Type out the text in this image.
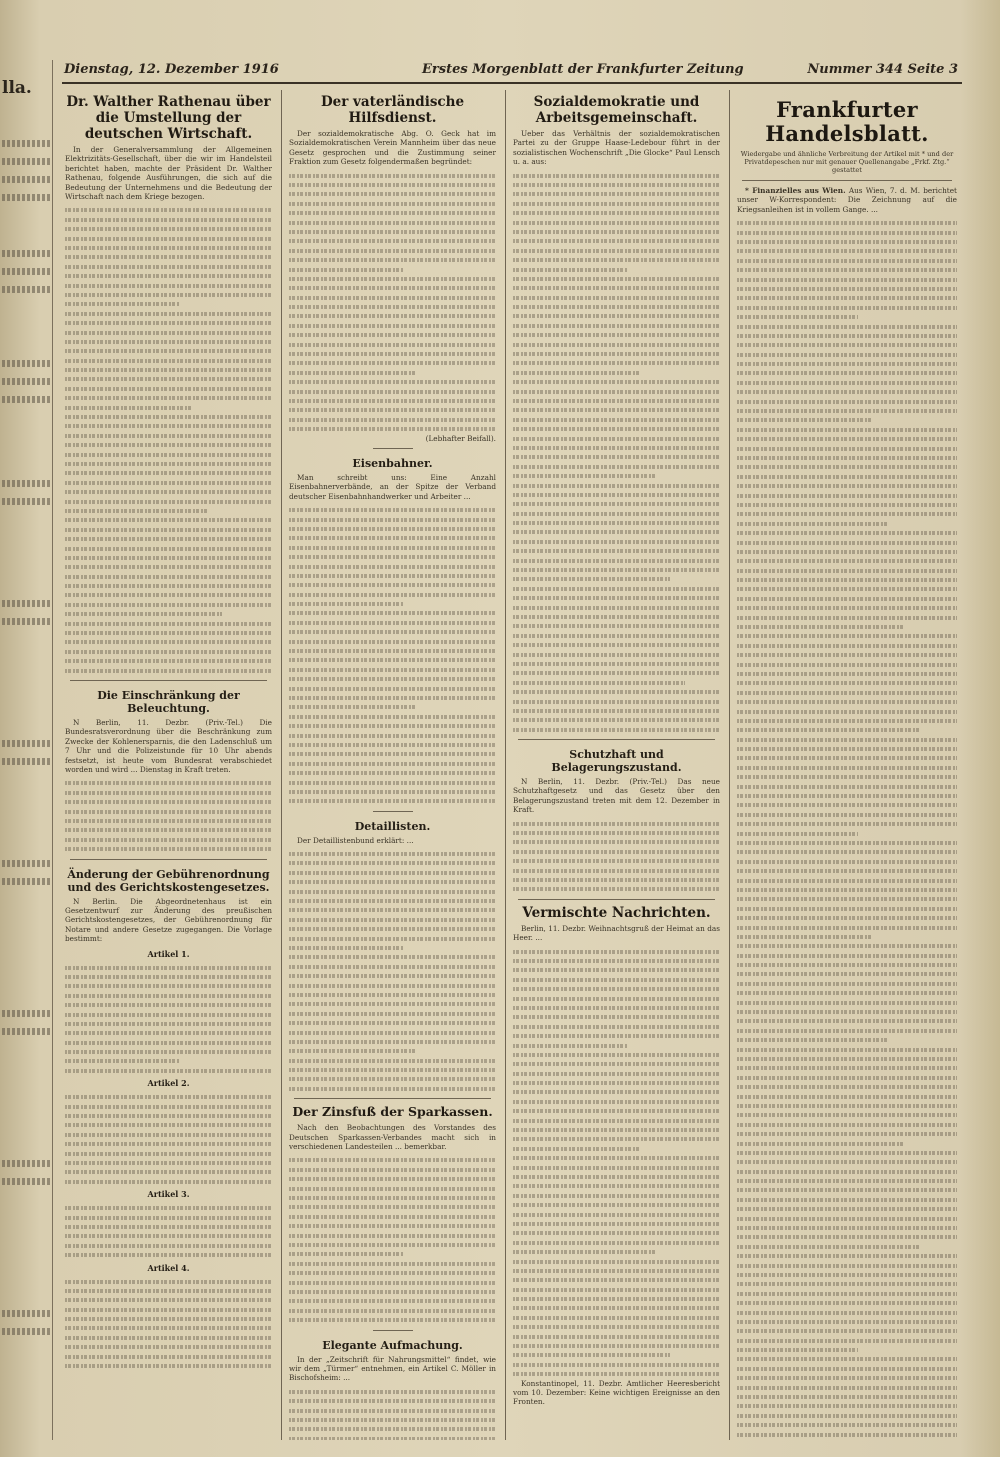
lla.
Dienstag, 12. Dezember 1916	Erstes Morgenblatt der Frankfurter Zeitung	Nummer 344 Seite 3
Dr. Walther Rathenau über die Umstellung der deutschen Wirtschaft.

In der Generalversammlung der Allgemeinen Elektrizitäts-Gesellschaft, über die wir im Handelsteil berichtet haben, machte der Präsident Dr. Walther Rathenau, folgende Ausführungen, die sich auf die Bedeutung der Unternehmens und die Bedeutung der Wirtschaft nach dem Kriege bezogen.

Die Einschränkung der Beleuchtung.

N Berlin, 11. Dezbr. (Priv.-Tel.) Die Bundesratsverordnung über die Beschränkung zum Zwecke der Kohlenersparnis, die den Ladenschluß um 7 Uhr und die Polizeistunde für 10 Uhr abends festsetzt, ist heute vom Bundesrat verabschiedet worden und wird ... Dienstag in Kraft treten.

Änderung der Gebührenordnung und des Gerichtskostengesetzes.

N Berlin. Die Abgeordnetenhaus ist ein Gesetzentwurf zur Änderung des preußischen Gerichtskostengesetzes, der Gebührenordnung für Notare und andere Gesetze zugegangen. Die Vorlage bestimmt:

Artikel 1.
Artikel 2.
Artikel 3.
Artikel 4.
Der vaterländische Hilfsdienst.

Der sozialdemokratische Abg. O. Geck hat im Sozialdemokratischen Verein Mannheim über das neue Gesetz gesprochen und die Zustimmung seiner Fraktion zum Gesetz folgendermaßen begründet:

(Lebhafter Beifall).
Eisenbahner.

Man schreibt uns: Eine Anzahl Eisenbahnerverbände, an der Spitze der Verband deutscher Eisenbahnhandwerker und Arbeiter ...

Detaillisten.

Der Detaillistenbund erklärt: ...

Der Zinsfuß der Sparkassen.

Nach den Beobachtungen des Vorstandes des Deutschen Sparkassen-Verbandes macht sich in verschiedenen Landesteilen ... bemerkbar.

Elegante Aufmachung.

In der „Zeitschrift für Nahrungsmittel“ findet, wie wir dem „Türmer“ entnehmen, ein Artikel C. Möller in Bischofsheim: ...

Sozialdemokratie und Arbeitsgemeinschaft.

Ueber das Verhältnis der sozialdemokratischen Partei zu der Gruppe Haase-Ledebour führt in der sozialistischen Wochenschrift „Die Glocke“ Paul Lensch u. a. aus:

Schutzhaft und Belagerungszustand.

N Berlin, 11. Dezbr. (Priv.-Tel.) Das neue Schutzhaftgesetz und das Gesetz über den Belagerungszustand treten mit dem 12. Dezember in Kraft.

Vermischte Nachrichten.

Berlin, 11. Dezbr. Weihnachtsgruß der Heimat an das Heer. ...

Konstantinopel, 11. Dezbr. Amtlicher Heeresbericht vom 10. Dezember: Keine wichtigen Ereignisse an den Fronten.

Frankfurter Handelsblatt.
Wiedergabe und ähnliche Verbreitung der Artikel mit * und der Privatdepeschen nur mit genauer Quellenangabe „Frkf. Ztg.“ gestattet

* Finanzielles aus Wien. Aus Wien, 7. d. M. berichtet unser W-Korrespondent: Die Zeichnung auf die Kriegsanleihen ist in vollem Gange. ...
